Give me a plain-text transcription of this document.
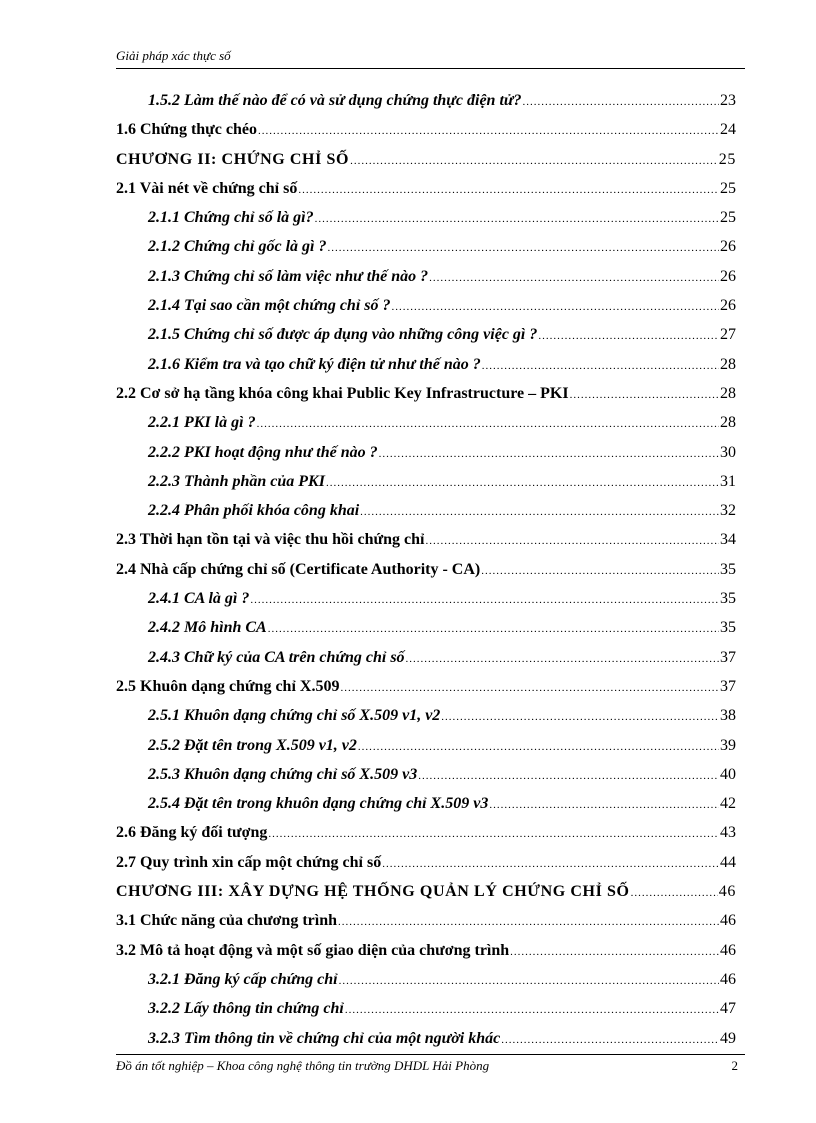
Giải pháp xác thực số
1.5.2 Làm thế nào để có và sử dụng chứng thực điện tử? .....	23
1.6 Chứng thực chéo .....	24
CHƯƠNG II: CHỨNG CHỈ SỐ .....	25
2.1 Vài nét về chứng chỉ số .....	25
2.1.1 Chứng chỉ số là gì? .....	25
2.1.2 Chứng chỉ gốc là gì ? .....	26
2.1.3 Chứng chỉ số làm việc như thế nào ? .....	26
2.1.4 Tại sao cần một chứng chỉ số ? .....	26
2.1.5 Chứng chỉ số được áp dụng vào những công việc gì ? .....	27
2.1.6 Kiểm tra và tạo chữ ký điện tử như thế nào ? .....	28
2.2 Cơ sở hạ tầng khóa công khai Public Key Infrastructure – PKI .....	28
2.2.1 PKI là gì ? .....	28
2.2.2 PKI hoạt động như thế nào ? .....	30
2.2.3 Thành phần của PKI .....	31
2.2.4 Phân phối khóa công khai .....	32
2.3 Thời hạn tồn tại và việc thu hồi chứng chỉ .....	34
2.4 Nhà cấp chứng chỉ số (Certificate Authority - CA) .....	35
2.4.1 CA là gì ? .....	35
2.4.2 Mô hình CA .....	35
2.4.3 Chữ ký của CA trên chứng chỉ số .....	37
2.5 Khuôn dạng chứng chỉ X.509 .....	37
2.5.1 Khuôn dạng chứng chỉ số X.509 v1, v2 .....	38
2.5.2 Đặt tên trong X.509 v1, v2 .....	39
2.5.3 Khuôn dạng chứng chỉ số X.509 v3 .....	40
2.5.4 Đặt tên trong khuôn dạng chứng chỉ X.509 v3 .....	42
2.6 Đăng ký đối tượng .....	43
2.7 Quy trình xin cấp một chứng chỉ số .....	44
CHƯƠNG III: XÂY DỰNG HỆ THỐNG QUẢN LÝ CHỨNG CHỈ SỐ .....	46
3.1 Chức năng của chương trình .....	46
3.2 Mô tả hoạt động và một số giao diện của chương trình .....	46
3.2.1 Đăng ký cấp chứng chỉ .....	46
3.2.2 Lấy thông tin chứng chỉ .....	47
3.2.3 Tìm thông tin về chứng chỉ của một người khác .....	49
Đồ án tốt nghiệp – Khoa công nghệ thông tin trường DHDL Hải Phòng	2
